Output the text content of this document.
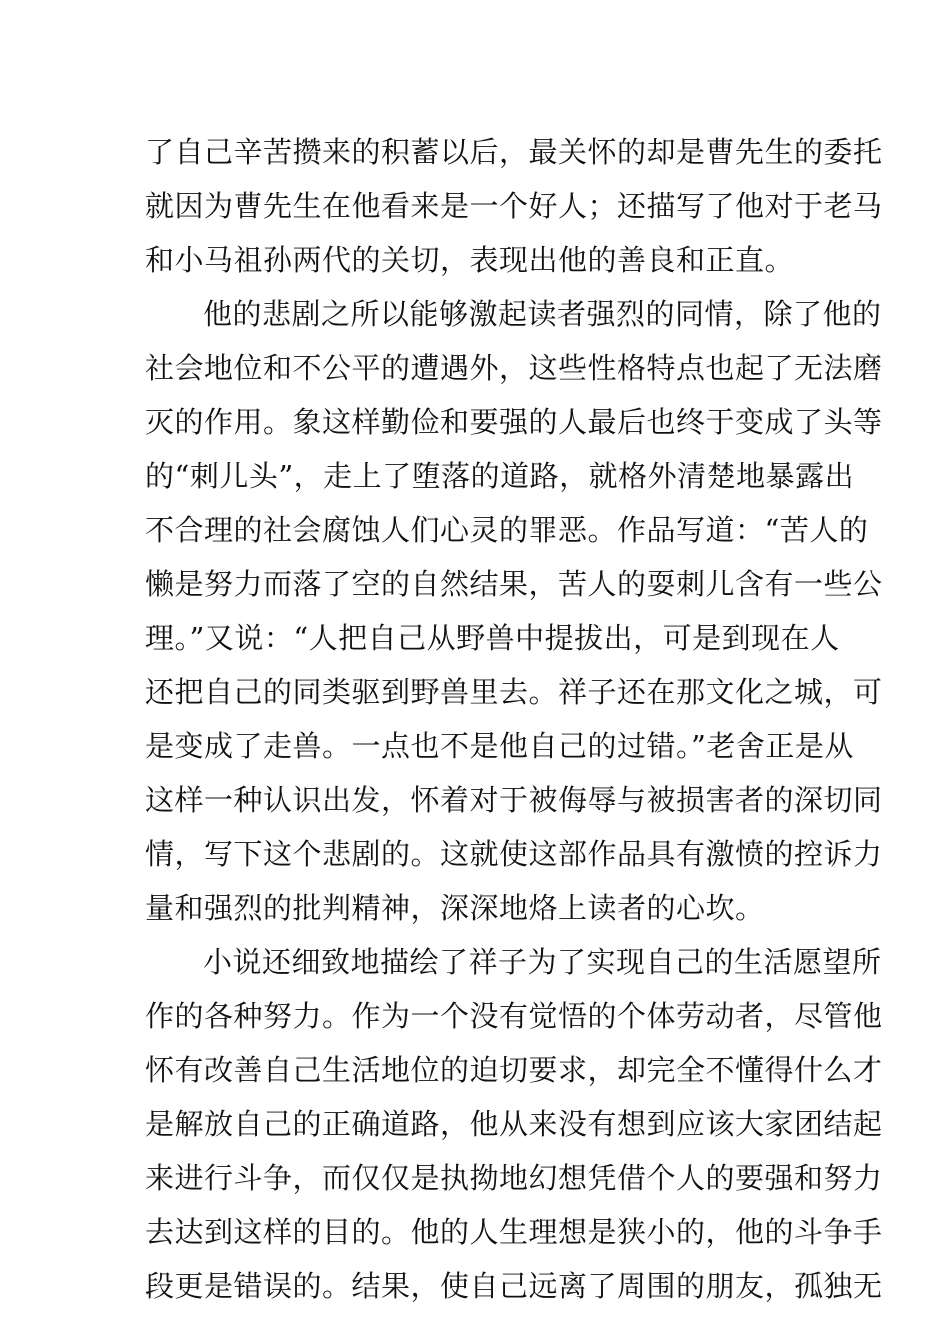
了自己辛苦攒来的积蓄以后，最关怀的却是曹先生的委托
就因为曹先生在他看来是一个好人；还描写了他对于老马
和小马祖孙两代的关切，表现出他的善良和正直。
他的悲剧之所以能够激起读者强烈的同情，除了他的
社会地位和不公平的遭遇外，这些性格特点也起了无法磨
灭的作用。象这样勤俭和要强的人最后也终于变成了头等
的“刺儿头”，走上了堕落的道路，就格外清楚地暴露出
不合理的社会腐蚀人们心灵的罪恶。作品写道：“苦人的
懒是努力而落了空的自然结果，苦人的耍刺儿含有一些公
理。”又说：“人把自己从野兽中提拔出，可是到现在人
还把自己的同类驱到野兽里去。祥子还在那文化之城，可
是变成了走兽。一点也不是他自己的过错。”老舍正是从
这样一种认识出发，怀着对于被侮辱与被损害者的深切同
情，写下这个悲剧的。这就使这部作品具有激愤的控诉力
量和强烈的批判精神，深深地烙上读者的心坎。
小说还细致地描绘了祥子为了实现自己的生活愿望所
作的各种努力。作为一个没有觉悟的个体劳动者，尽管他
怀有改善自己生活地位的迫切要求，却完全不懂得什么才
是解放自己的正确道路，他从来没有想到应该大家团结起
来进行斗争，而仅仅是执拗地幻想凭借个人的要强和努力
去达到这样的目的。他的人生理想是狭小的，他的斗争手
段更是错误的。结果，使自己远离了周围的朋友，孤独无
